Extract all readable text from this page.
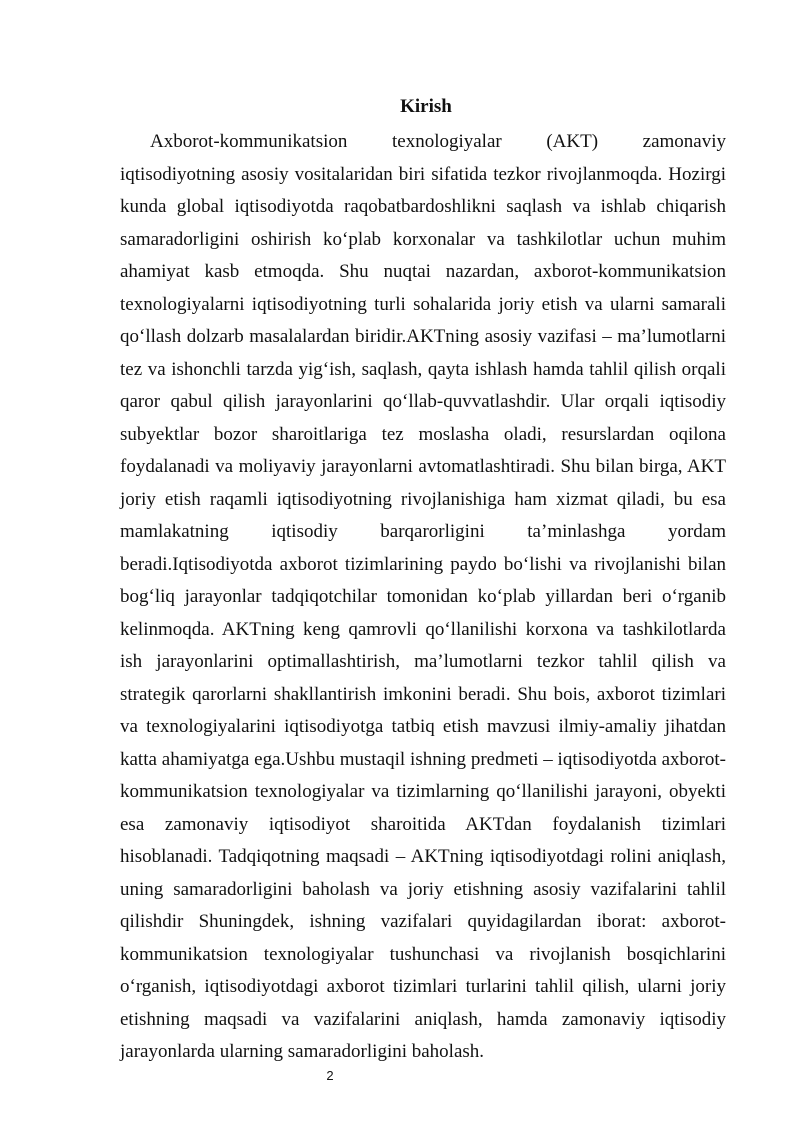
Kirish

Axborot-kommunikatsion texnologiyalar (AKT) zamonaviy iqtisodiyotning asosiy vositalaridan biri sifatida tezkor rivojlanmoqda. Hozirgi kunda global iqtisodiyotda raqobatbardoshlikni saqlash va ishlab chiqarish samaradorligini oshirish ko‘plab korxonalar va tashkilotlar uchun muhim ahamiyat kasb etmoqda. Shu nuqtai nazardan, axborot-kommunikatsion texnologiyalarni iqtisodiyotning turli sohalarida joriy etish va ularni samarali qo‘llash dolzarb masalalardan biridir.AKTning asosiy vazifasi – ma’lumotlarni tez va ishonchli tarzda yig‘ish, saqlash, qayta ishlash hamda tahlil qilish orqali qaror qabul qilish jarayonlarini qo‘llab-quvvatlashdir. Ular orqali iqtisodiy subyektlar bozor sharoitlariga tez moslasha oladi, resurslardan oqilona foydalanadi va moliyaviy jarayonlarni avtomatlashtiradi. Shu bilan birga, AKT joriy etish raqamli iqtisodiyotning rivojlanishiga ham xizmat qiladi, bu esa mamlakatning iqtisodiy barqarorligini ta’minlashga yordam beradi.Iqtisodiyotda axborot tizimlarining paydo bo‘lishi va rivojlanishi bilan bog‘liq jarayonlar tadqiqotchilar tomonidan ko‘plab yillardan beri o‘rganib kelinmoqda. AKTning keng qamrovli qo‘llanilishi korxona va tashkilotlarda ish jarayonlarini optimallashtirish, ma’lumotlarni tezkor tahlil qilish va strategik qarorlarni shakllantirish imkonini beradi. Shu bois, axborot tizimlari va texnologiyalarini iqtisodiyotga tatbiq etish mavzusi ilmiy-amaliy jihatdan katta ahamiyatga ega.Ushbu mustaqil ishning predmeti – iqtisodiyotda axborot-kommunikatsion texnologiyalar va tizimlarning qo‘llanilishi jarayoni, obyekti esa zamonaviy iqtisodiyot sharoitida AKTdan foydalanish tizimlari hisoblanadi. Tadqiqotning maqsadi – AKTning iqtisodiyotdagi rolini aniqlash, uning samaradorligini baholash va joriy etishning asosiy vazifalarini tahlil qilishdir Shuningdek, ishning vazifalari quyidagilardan iborat: axborot-kommunikatsion texnologiyalar tushunchasi va rivojlanish bosqichlarini o‘rganish, iqtisodiyotdagi axborot tizimlari turlarini tahlil qilish, ularni joriy etishning maqsadi va vazifalarini aniqlash, hamda zamonaviy iqtisodiy jarayonlarda ularning samaradorligini baholash.

2
